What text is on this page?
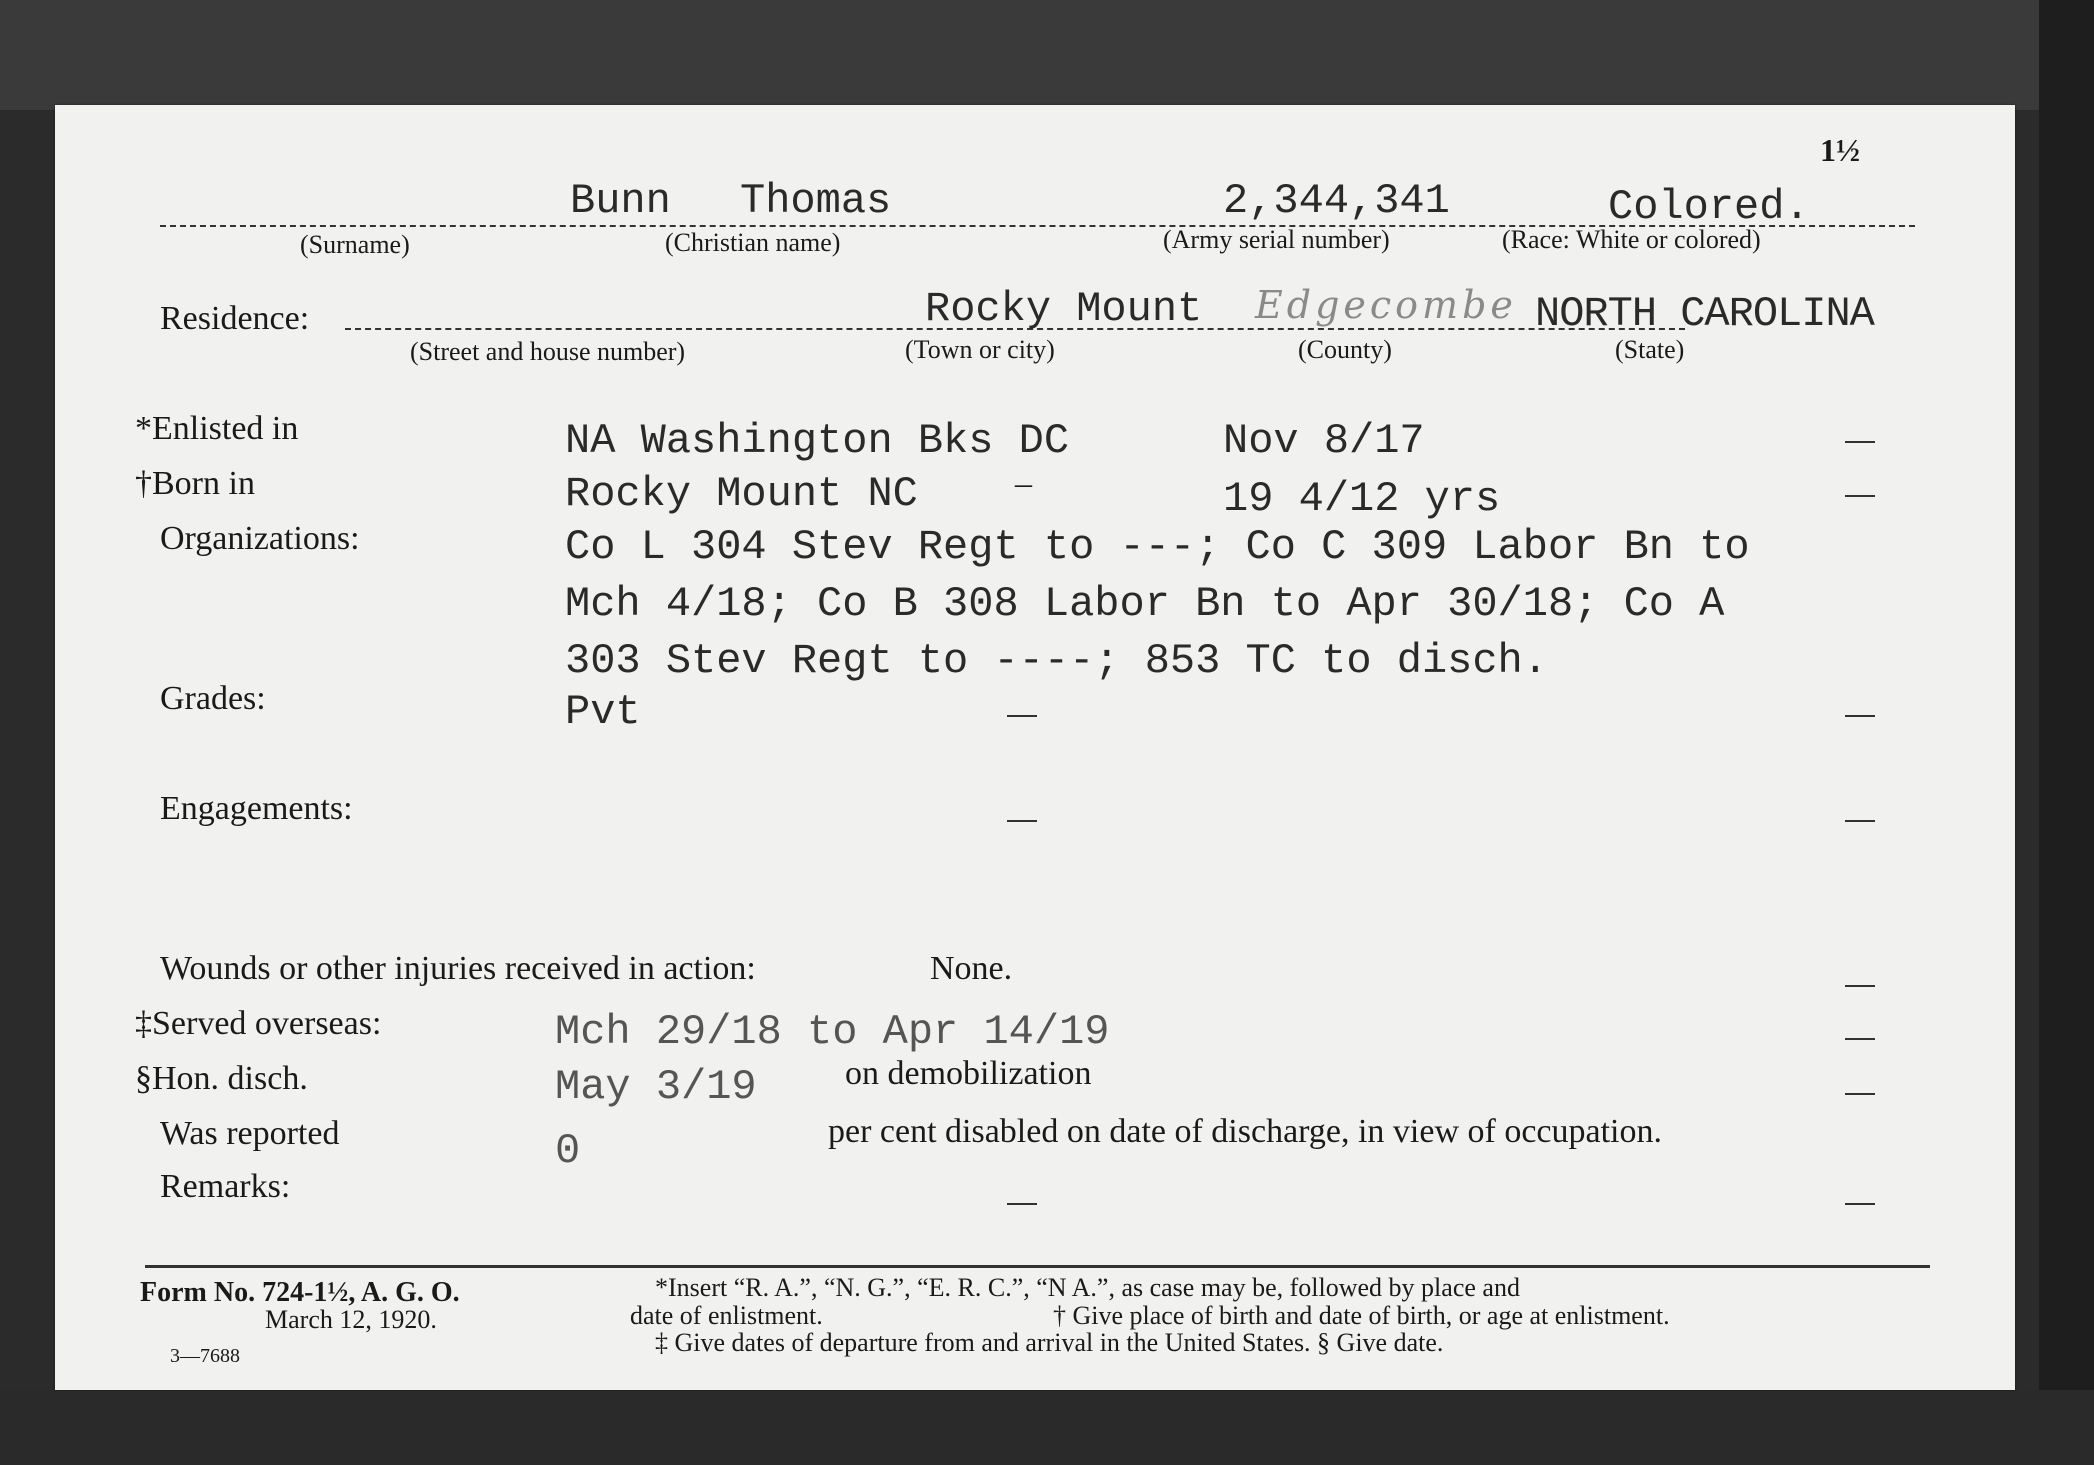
1½
Bunn Thomas	2,344,341	Colored.
(Surname)	(Christian name)	(Army serial number)	(Race: White or colored)
Residence:	Rocky Mount Edgecombe NORTH CAROLINA
(Street and house number)	(Town or city)	(County)	(State)
*Enlisted in	NA Washington Bks DC	Nov 8/17
†Born in	Rocky Mount NC	–	19 4/12 yrs
Organizations:	Co L 304 Stev Regt to ---; Co C 309 Labor Bn to
Mch 4/18; Co B 308 Labor Bn to Apr 30/18; Co A
303 Stev Regt to ----; 853 TC to disch.
Grades:	Pvt
Engagements:
Wounds or other injuries received in action:	None.
‡Served overseas:	Mch 29/18 to Apr 14/19
§Hon. disch.	May 3/19	on demobilization
Was reported	0	per cent disabled on date of discharge, in view of occupation.
Remarks:
Form No. 724-1½, A. G. O.
March 12, 1920.
3—7688
*Insert “R. A.”, “N. G.”, “E. R. C.”, “N A.”, as case may be, followed by place and
date of enlistment.	† Give place of birth and date of birth, or age at enlistment.
‡ Give dates of departure from and arrival in the United States. § Give date.
